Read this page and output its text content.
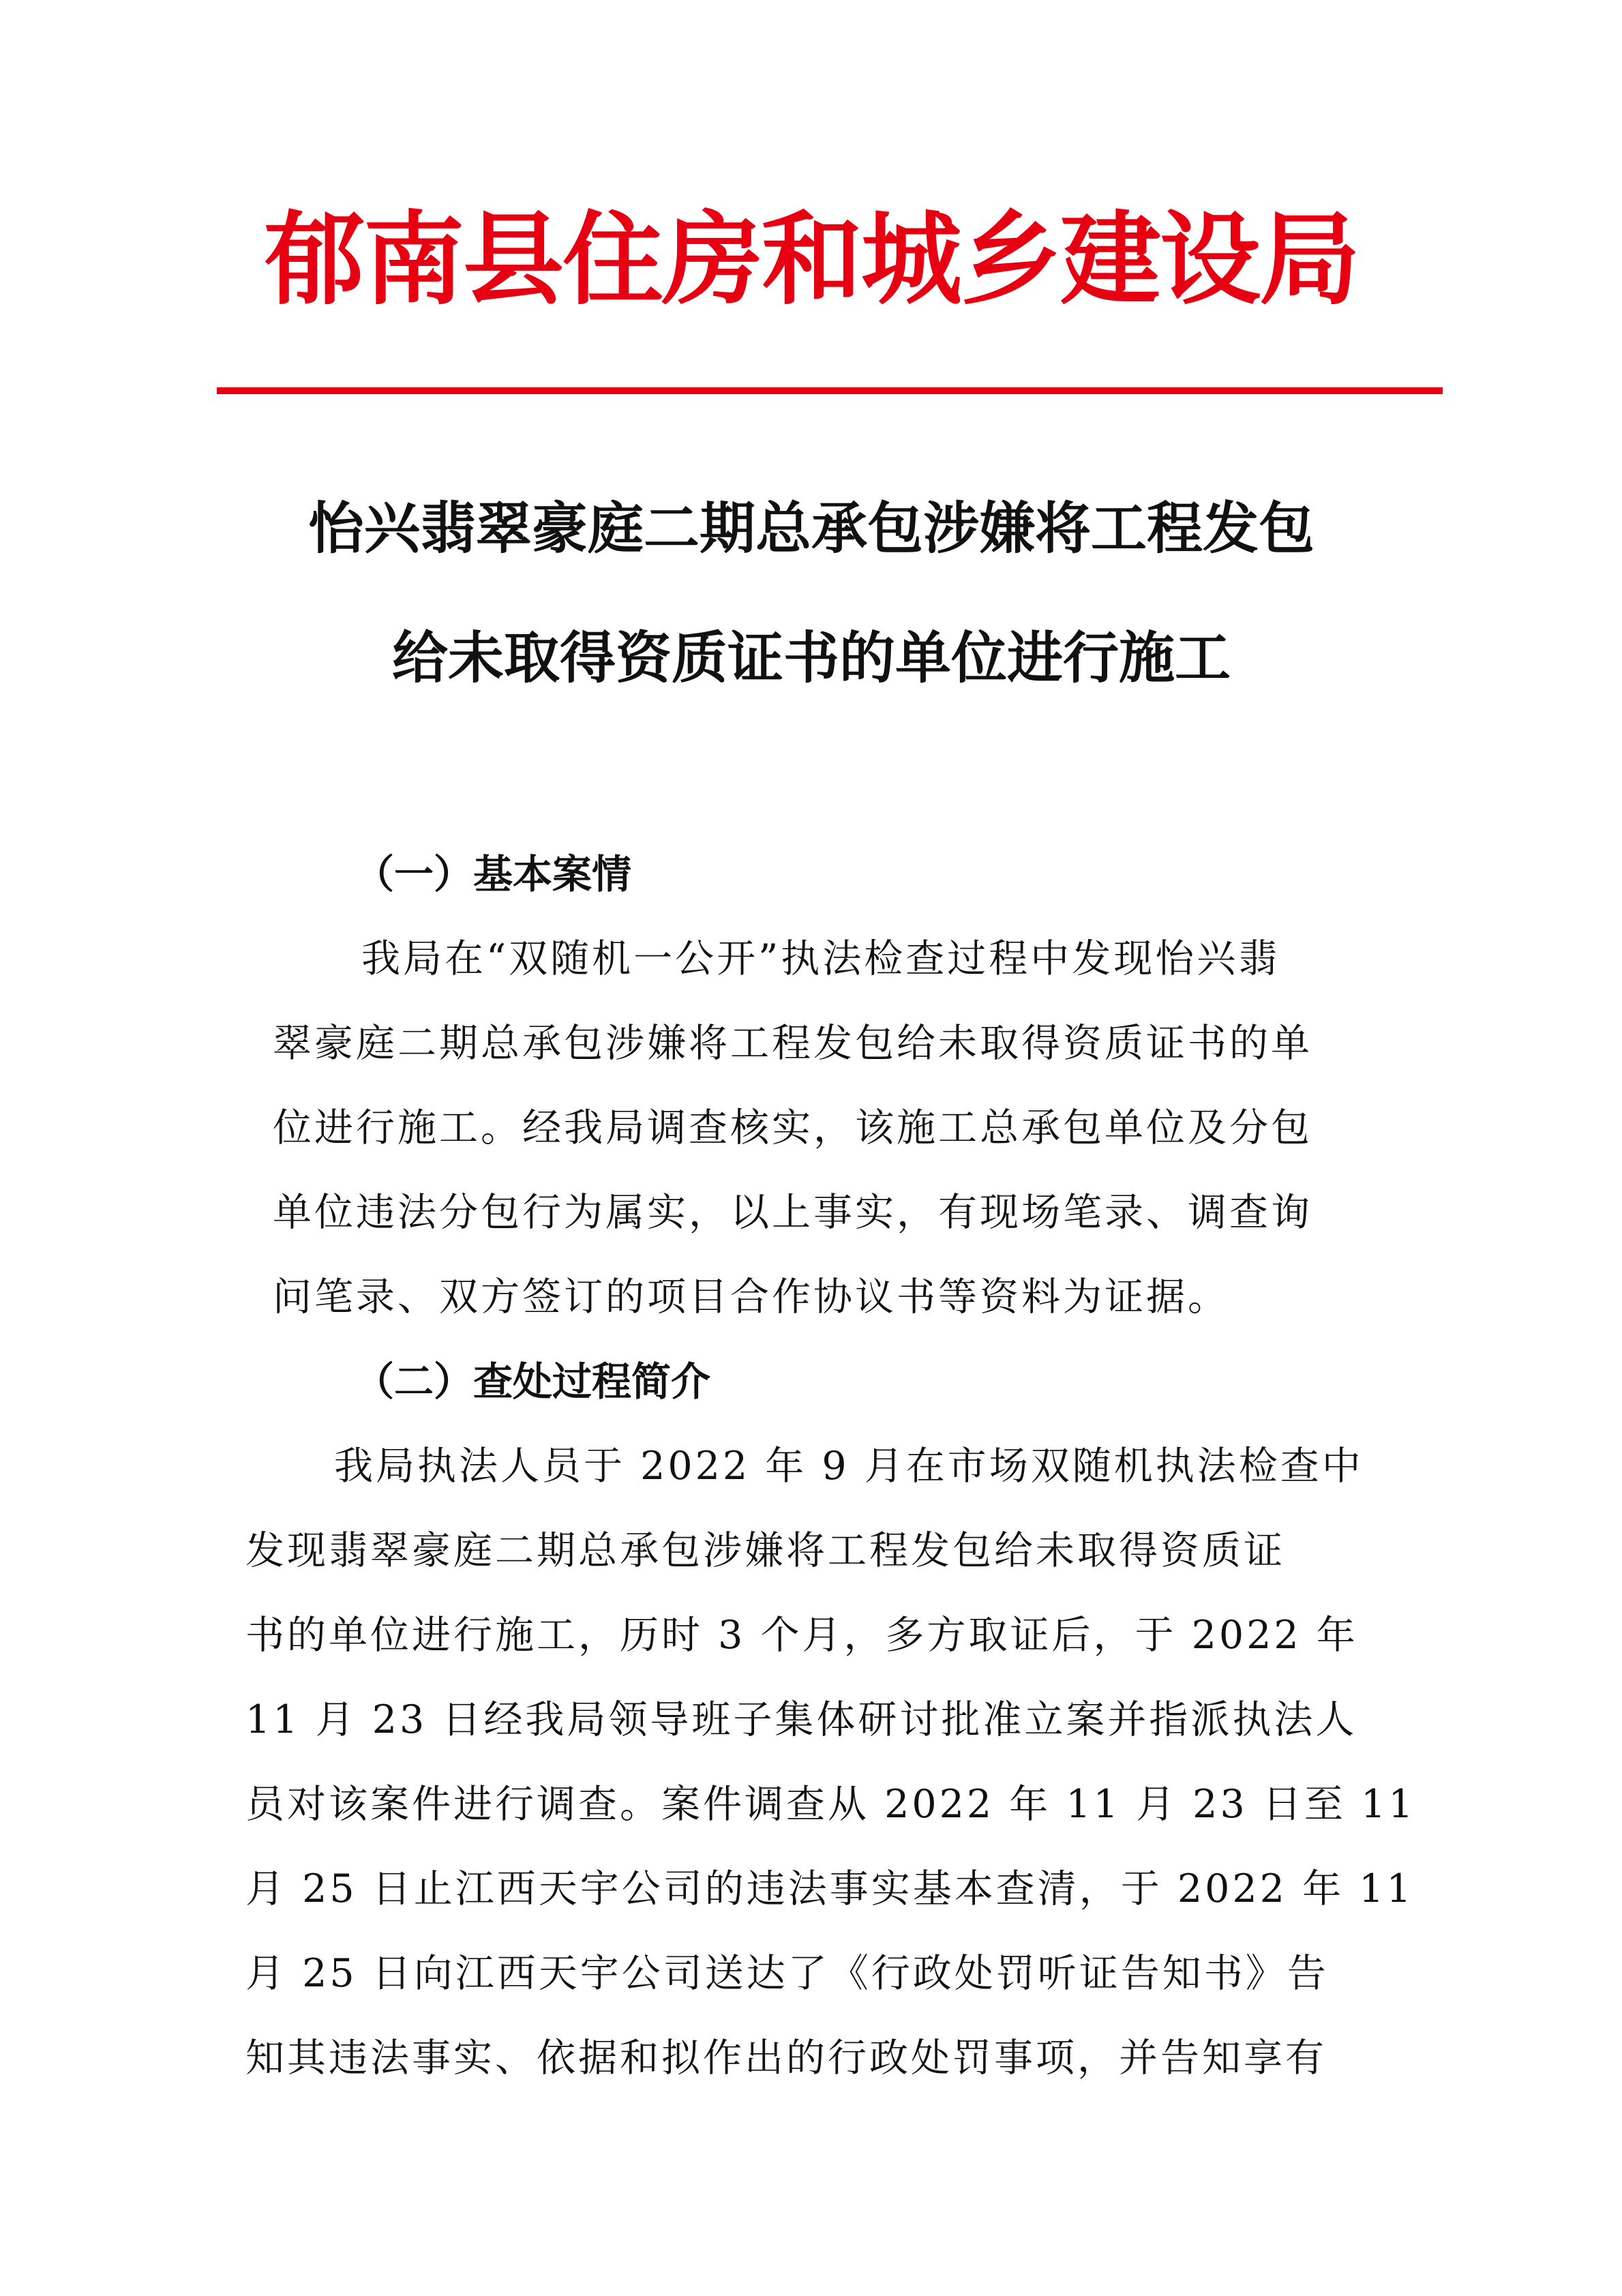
郁南县住房和城乡建设局
怡兴翡翠豪庭二期总承包涉嫌将工程发包
给未取得资质证书的单位进行施工
（一）基本案情
我局在“双随机一公开”执法检查过程中发现怡兴翡
翠豪庭二期总承包涉嫌将工程发包给未取得资质证书的单
位进行施工。经我局调查核实，该施工总承包单位及分包
单位违法分包行为属实，以上事实，有现场笔录、调查询
问笔录、双方签订的项目合作协议书等资料为证据。
（二）查处过程简介
我局执法人员于 2022 年 9 月在市场双随机执法检查中
发现翡翠豪庭二期总承包涉嫌将工程发包给未取得资质证
书的单位进行施工，历时 3 个月，多方取证后，于 2022 年
11 月 23 日经我局领导班子集体研讨批准立案并指派执法人
员对该案件进行调查。案件调查从 2022 年 11 月 23 日至 11
月 25 日止江西天宇公司的违法事实基本查清，于 2022 年 11
月 25 日向江西天宇公司送达了《行政处罚听证告知书》告
知其违法事实、依据和拟作出的行政处罚事项，并告知享有
